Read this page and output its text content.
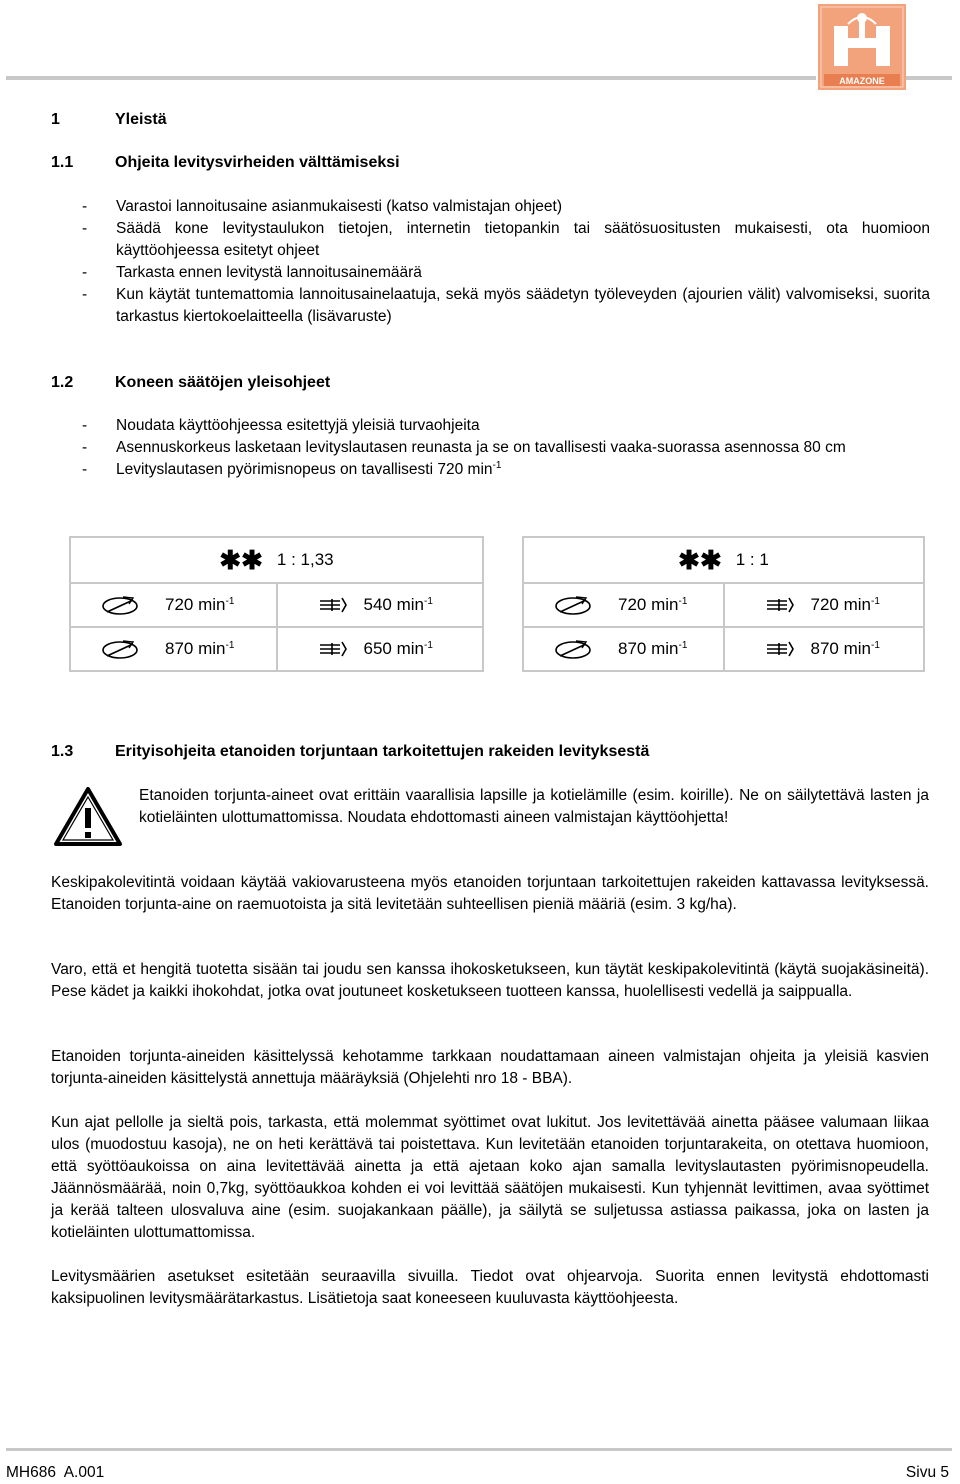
AMAZONE
1	Yleistä
1.1	Ohjeita levitysvirheiden välttämiseksi
- Varastoi lannoitusaine asianmukaisesti (katso valmistajan ohjeet)
- Säädä kone levitystaulukon tietojen, internetin tietopankin tai säätösuositusten mukaisesti, ota huomioon käyttöohjeessa esitetyt ohjeet
- Tarkasta ennen levitystä lannoitusainemäärä
- Kun käytät tuntemattomia lannoitusainelaatuja, sekä myös säädetyn työleveyden (ajourien välit) valvomiseksi, suorita tarkastus kiertokoelaitteella (lisävaruste)
1.2	Koneen säätöjen yleisohjeet
- Noudata käyttöohjeessa esitettyjä yleisiä turvaohjeita
- Asennuskorkeus lasketaan levityslautasen reunasta ja se on tavallisesti vaaka-suorassa asennossa 80 cm
- Levityslautasen pyörimisnopeus on tavallisesti 720 $\min^{-1}$
✱✱ 1 : 1,33	

720 $\min^{-1}$	540 $\min^{-1}$

870 $\min^{-1}$	650 $\min^{-1}$
✱✱ 1 : 1	

720 $\min^{-1}$	720 $\min^{-1}$

870 $\min^{-1}$	870 $\min^{-1}$
1.3	Erityisohjeita etanoiden torjuntaan tarkoitettujen rakeiden levityksestä
Etanoiden torjunta-aineet ovat erittäin vaarallisia lapsille ja kotielämille (esim. koirille). Ne on säilytettävä lasten ja kotieläinten ulottumattomissa. Noudata ehdottomasti aineen valmistajan käyttöohjetta!
Keskipakolevitintä voidaan käytää vakiovarusteena myös etanoiden torjuntaan tarkoitettujen rakeiden kattavassa levityksessä. Etanoiden torjunta-aine on raemuotoista ja sitä levitetään suhteellisen pieniä määriä (esim. 3 kg/ha).
Varo, että et hengitä tuotetta sisään tai joudu sen kanssa ihokosketukseen, kun täytät keskipakolevitintä (käytä suojakäsineitä). Pese kädet ja kaikki ihokohdat, jotka ovat joutuneet kosketukseen tuotteen kanssa, huolellisesti vedellä ja saippualla.
Etanoiden torjunta-aineiden käsittelyssä kehotamme tarkkaan noudattamaan aineen valmistajan ohjeita ja yleisiä kasvien torjunta-aineiden käsittelystä annettuja määräyksiä (Ohjelehti nro 18 - BBA).
Kun ajat pellolle ja sieltä pois, tarkasta, että molemmat syöttimet ovat lukitut. Jos levitettävää ainetta pääsee valumaan liikaa ulos (muodostuu kasoja), ne on heti kerättävä tai poistettava. Kun levitetään etanoiden torjuntarakeita, on otettava huomioon, että syöttöaukoissa on aina levitettävää ainetta ja että ajetaan koko ajan samalla levityslautasten pyörimisnopeudella. Jäännösmäärää, noin 0,7kg, syöttöaukkoa kohden ei voi levittää säätöjen mukaisesti. Kun tyhjennät levittimen, avaa syöttimet ja kerää talteen ulosvaluva aine (esim. suojakankaan päälle), ja säilytä se suljetussa astiassa paikassa, joka on lasten ja kotieläinten ulottumattomissa.
Levitysmäärien asetukset esitetään seuraavilla sivuilla. Tiedot ovat ohjearvoja. Suorita ennen levitystä ehdottomasti kaksipuolinen levitysmäärätarkastus. Lisätietoja saat koneeseen kuuluvasta käyttöohjeesta.
MH686  A.001	Sivu 5
